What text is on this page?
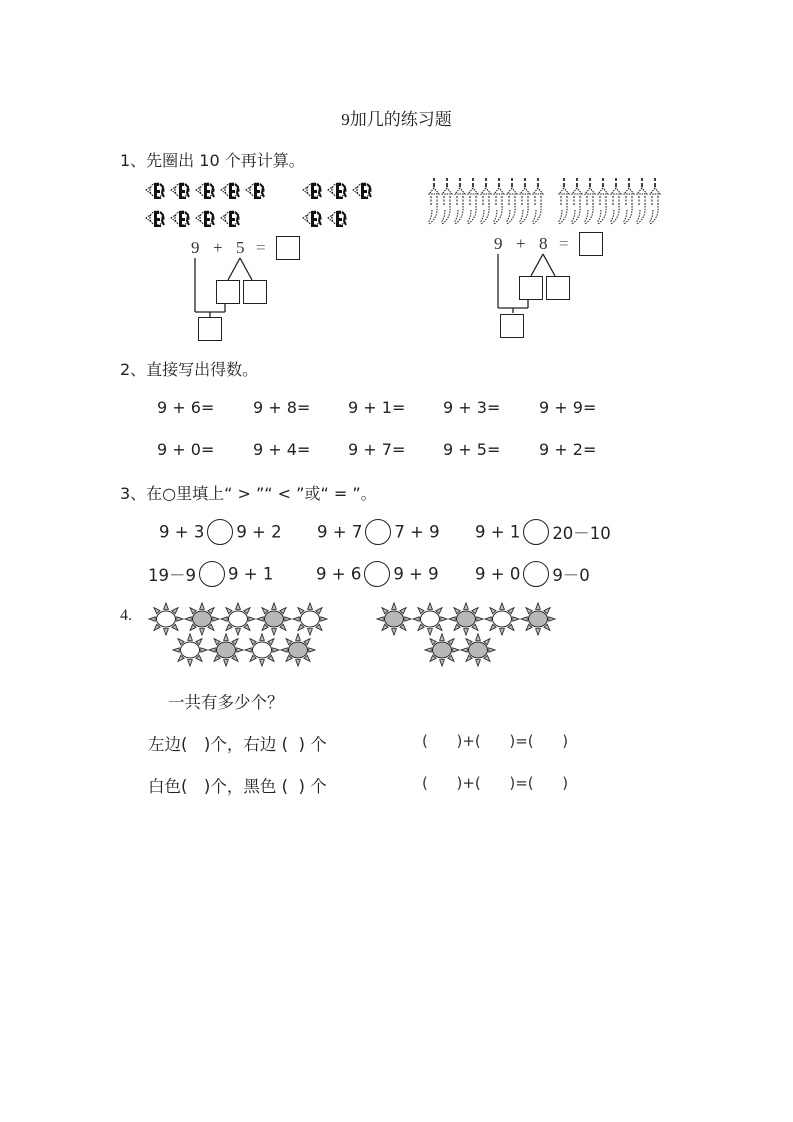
9加几的练习题
1、先圈出 10 个再计算。
9 + 5 =	9 + 8 =
2、直接写出得数。
9 + 6= 9 + 8= 9 + 1= 9 + 3= 9 + 9=
9 + 0= 9 + 4= 9 + 7= 9 + 5= 9 + 2=
3、在○里填上“ > ”“ < ”或“ = ”。
9 + 3 9 + 2 9 + 7 7 + 9 9 + 1 20－10
19－9 9 + 1	9 + 6 9 + 9 9 + 0 9－0
4.
一共有多少个？
左边(　)个，右边 (  ) 个
白色(　)个，黑色 (  ) 个
(      )+(      )=(      )
(      )+(      )=(      )
